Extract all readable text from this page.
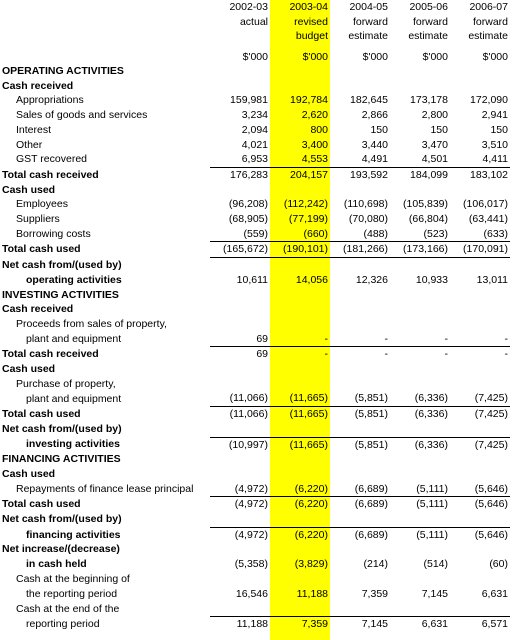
	2002-03	2003-04	2004-05	2005-06	2006-07
	actual	revised	forward	forward	forward
		budget	estimate	estimate	estimate

	$'000	$'000	$'000	$'000	$'000
OPERATING ACTIVITIES					
Cash received					
Appropriations	159,981	192,784	182,645	173,178	172,090
Sales of goods and services	3,234	2,620	2,866	2,800	2,941
Interest	2,094	800	150	150	150
Other	4,021	3,400	3,440	3,470	3,510
GST recovered	6,953	4,553	4,491	4,501	4,411
Total cash received	176,283	204,157	193,592	184,099	183,102
Cash used					
Employees	(96,208)	(112,242)	(110,698)	(105,839)	(106,017)
Suppliers	(68,905)	(77,199)	(70,080)	(66,804)	(63,441)
Borrowing costs	(559)	(660)	(488)	(523)	(633)
Total cash used	(165,672)	(190,101)	(181,266)	(173,166)	(170,091)
Net cash from/(used by)					
operating activities	10,611	14,056	12,326	10,933	13,011
INVESTING ACTIVITIES					
Cash received					
Proceeds from sales of property,					
plant and equipment	69	-	-	-	-
Total cash received	69	-	-	-	-
Cash used					
Purchase of property,					
plant and equipment	(11,066)	(11,665)	(5,851)	(6,336)	(7,425)
Total cash used	(11,066)	(11,665)	(5,851)	(6,336)	(7,425)
Net cash from/(used by)					
investing activities	(10,997)	(11,665)	(5,851)	(6,336)	(7,425)
FINANCING ACTIVITIES					
Cash used					
Repayments of finance lease principal	(4,972)	(6,220)	(6,689)	(5,111)	(5,646)
Total cash used	(4,972)	(6,220)	(6,689)	(5,111)	(5,646)
Net cash from/(used by)					
financing activities	(4,972)	(6,220)	(6,689)	(5,111)	(5,646)
Net increase/(decrease)					
in cash held	(5,358)	(3,829)	(214)	(514)	(60)
Cash at the beginning of					
the reporting period	16,546	11,188	7,359	7,145	6,631
Cash at the end of the					
reporting period	11,188	7,359	7,145	6,631	6,571
